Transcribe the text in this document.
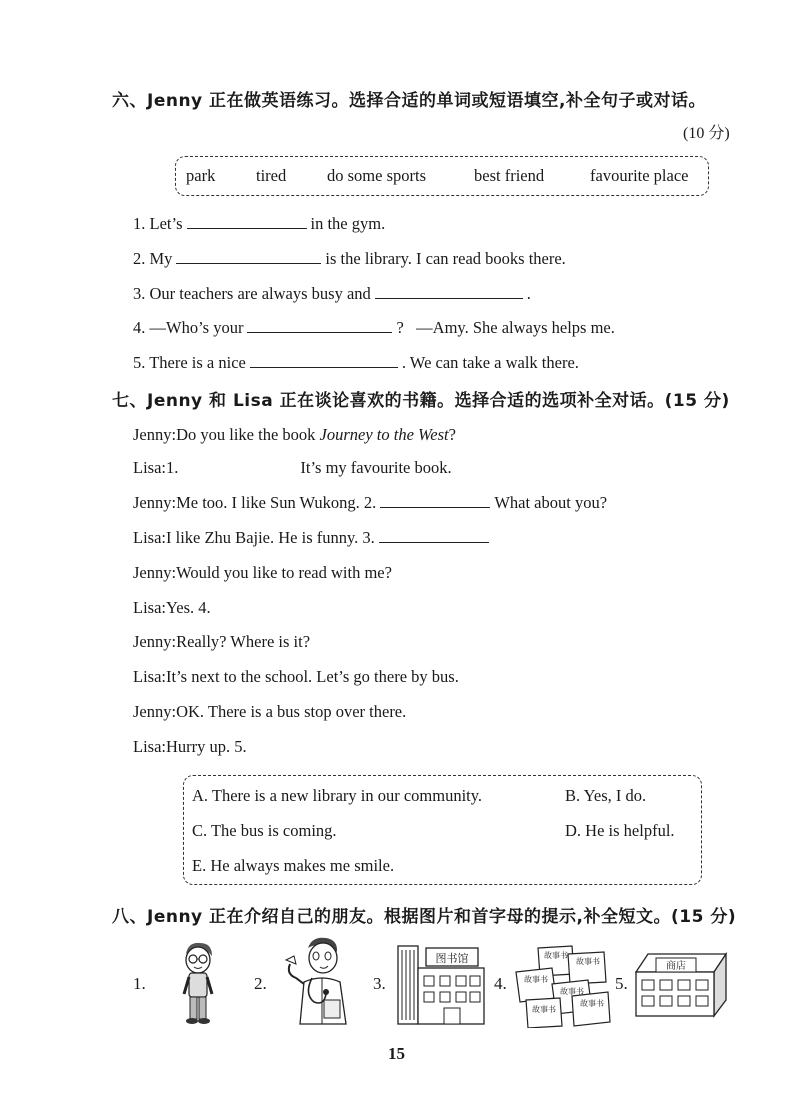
六、Jenny 正在做英语练习。选择合适的单词或短语填空,补全句子或对话。
(10 分)
park tired do some sports	best friend	favourite place
1. Let’s	in the gym.
2. My	is the library. I can read books there.
3. Our teachers are always busy and	.
4. —Who’s your	?   —Amy. She always helps me.
5. There is a nice	. We can take a walk there.
七、Jenny 和 Lisa 正在谈论喜欢的书籍。选择合适的选项补全对话。(15 分)
Jenny:Do you like the book Journey to the West?
Lisa:1.	It’s my favourite book.
Jenny:Me too. I like Sun Wukong. 2.	What about you?
Lisa:I like Zhu Bajie. He is funny. 3.
Jenny:Would you like to read with me?
Lisa:Yes. 4.
Jenny:Really? Where is it?
Lisa:It’s next to the school. Let’s go there by bus.
Jenny:OK. There is a bus stop over there.
Lisa:Hurry up. 5.
A. There is a new library in our community.	B. Yes, I do.
C. The bus is coming.	D. He is helpful.
E. He always makes me smile.
八、Jenny 正在介绍自己的朋友。根据图片和首字母的提示,补全短文。(15 分)
1.	2.	3.
图书馆
4.
故事书
故事书
故事书
故事书
故事书
故事书
5.
商店
15
